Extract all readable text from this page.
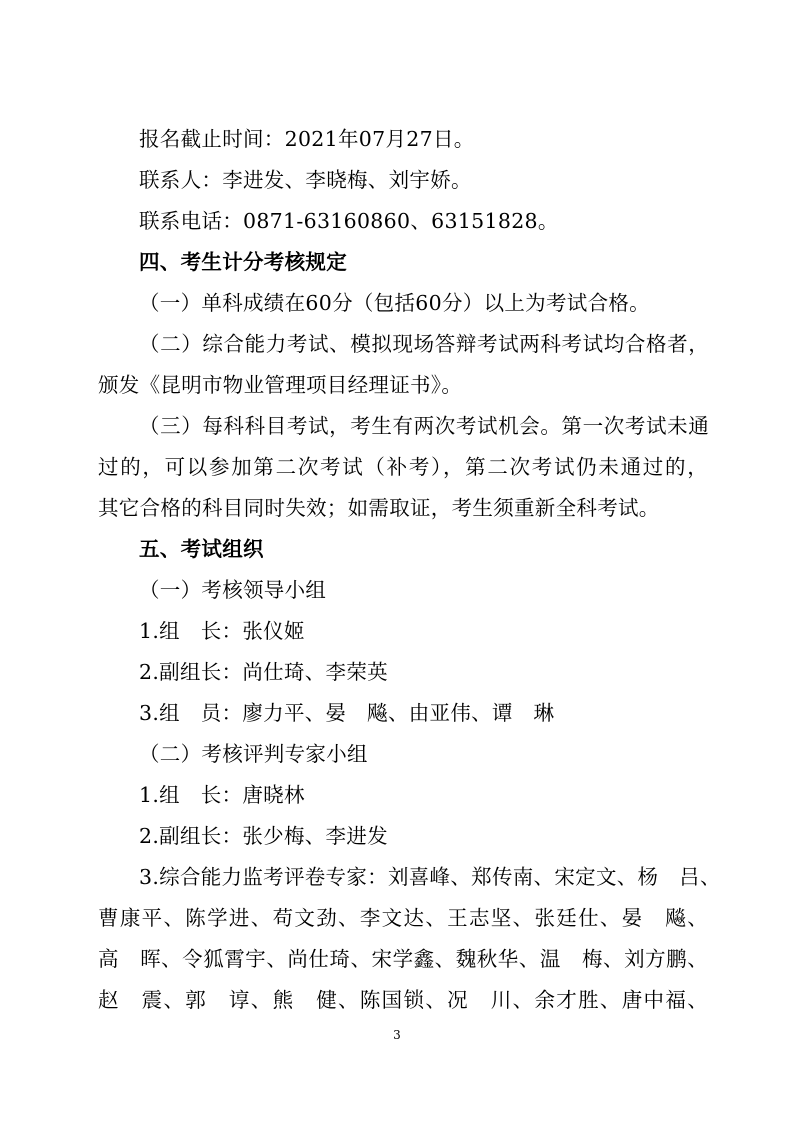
报名截止时间：2021年07月27日。
联系人：李进发、李晓梅、刘宇娇。
联系电话：0871-63160860、63151828。
四、考生计分考核规定
（一）单科成绩在60分（包括60分）以上为考试合格。
（二）综合能力考试、模拟现场答辩考试两科考试均合格者，
颁发《昆明市物业管理项目经理证书》。
（三）每科科目考试，考生有两次考试机会。第一次考试未通
过的，可以参加第二次考试（补考），第二次考试仍未通过的，
其它合格的科目同时失效；如需取证，考生须重新全科考试。
五、考试组织
（一）考核领导小组
1.组　长：张仪姬
2.副组长：尚仕琦、李荣英
3.组　员：廖力平、晏　飚、由亚伟、谭　琳
（二）考核评判专家小组
1.组　长：唐晓林
2.副组长：张少梅、李进发
3.综合能力监考评卷专家：刘喜峰、郑传南、宋定文、杨　吕、
曹康平、陈学进、苟文劲、李文达、王志坚、张廷仕、晏　飚、
高　晖、令狐霄宇、尚仕琦、宋学鑫、魏秋华、温　梅、刘方鹏、
赵　震、郭　谆、熊　健、陈国锁、况　川、余才胜、唐中福、
3
